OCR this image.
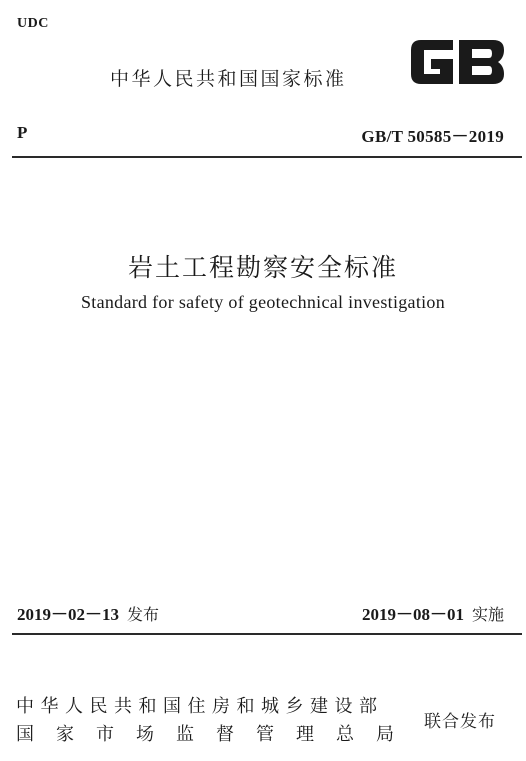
UDC
中华人民共和国国家标准
P	GB/T 50585－2019
岩土工程勘察安全标准
Standard for safety of geotechnical investigation
2019－02－13 发布	2019－08－01 实施
中华人民共和国住房和城乡建设部
国家市场监督管理总局
联合发布
